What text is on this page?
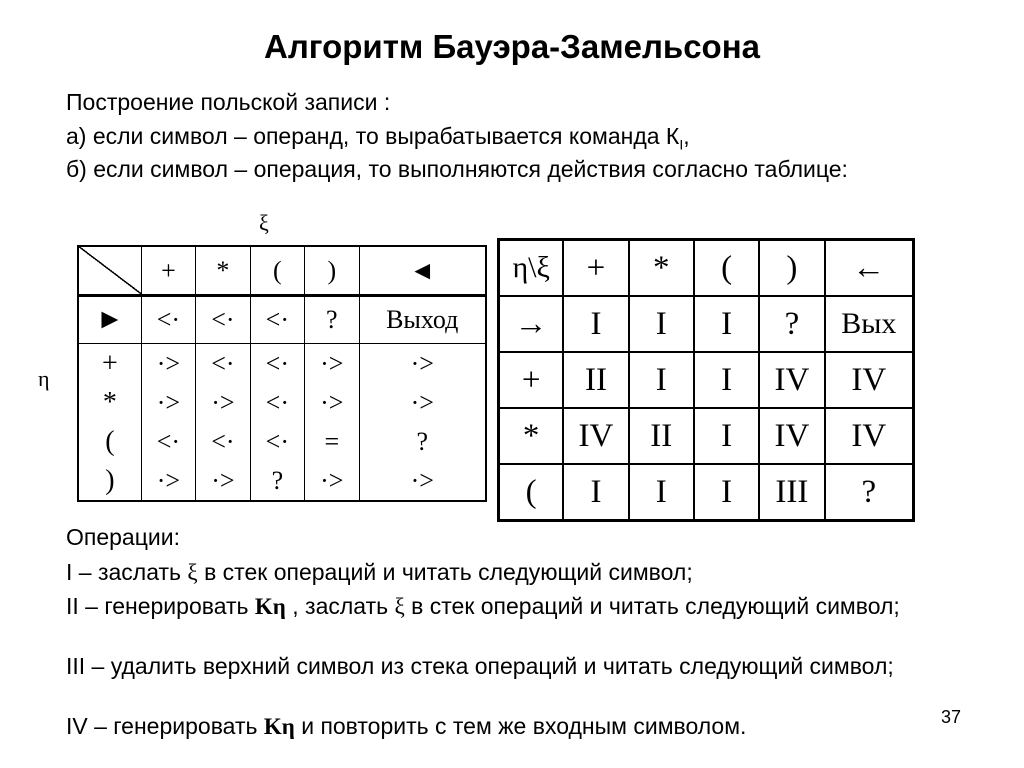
Алгоритм Бауэра-Замельсона
Построение польской записи :
а) если символ – операнд, то вырабатывается команда $К_I$,
б) если символ – операция, то выполняются действия согласно таблице:
ξ
η
	+	*	(	)	◄
►	<·	<·	<·	?	Выход
+	·>	<·	<·	·>	·>
*	·>	·>	<·	·>	·>
(	<·	<·	<·	=	?
)	·>	·>	?	·>	·>
η\ξ	+	*	(	)	←
→	I	I	I	?	Вых
+	II	I	I	IV	IV
*	IV	II	I	IV	IV
(	I	I	I	III	?
Операции:
I – заслать ξ в стек операций и читать следующий символ;
II – генерировать Kη , заслать ξ в стек операций и читать следующий символ;
III – удалить верхний символ из стека операций и читать следующий символ;
IV – генерировать Kη и повторить с тем же входным символом.	37
